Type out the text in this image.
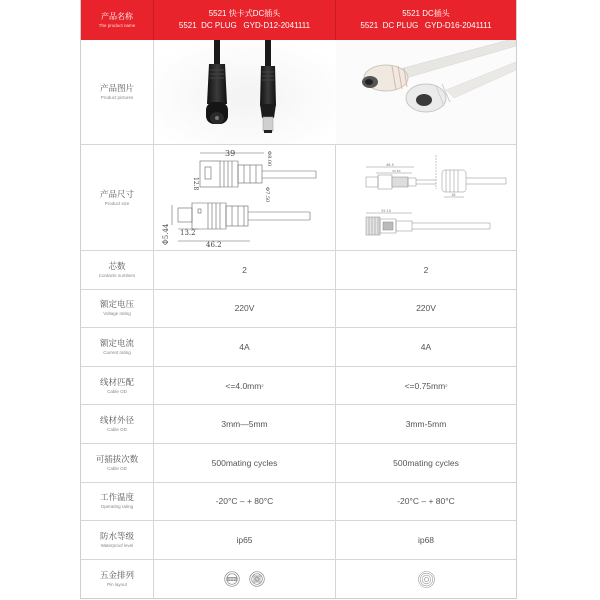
产品名称
The product name
5521 快卡式DC插头
5521  DC PLUG   GYD-D12-2041111
5521 DC插头
5521  DC PLUG   GYD-D16-2041111
产品图片
Product pictures
产品尺寸
Product size
39
12.8
Φ8.00
Φ7.50
Φ5.44 13.2
46.2
48.5
30.63
18
35.10
芯数
Contacts numbers
2	2
额定电压
Voltage rating
220V	220V
额定电流
Current rating
4A	4A
线材匹配
Cable OD
<=4.0mm 2	<=0.75mm 2
线材外径
Cable OD
3mm—5mm	3mm-5mm
可插拔次数
Cable OD
500mating cycles	500mating cycles
工作温度
Operating rating
-20°C – + 80°C	-20°C – + 80°C
防水等级
Waterproof level
ip65	ip68
五金排列
Pin layout
